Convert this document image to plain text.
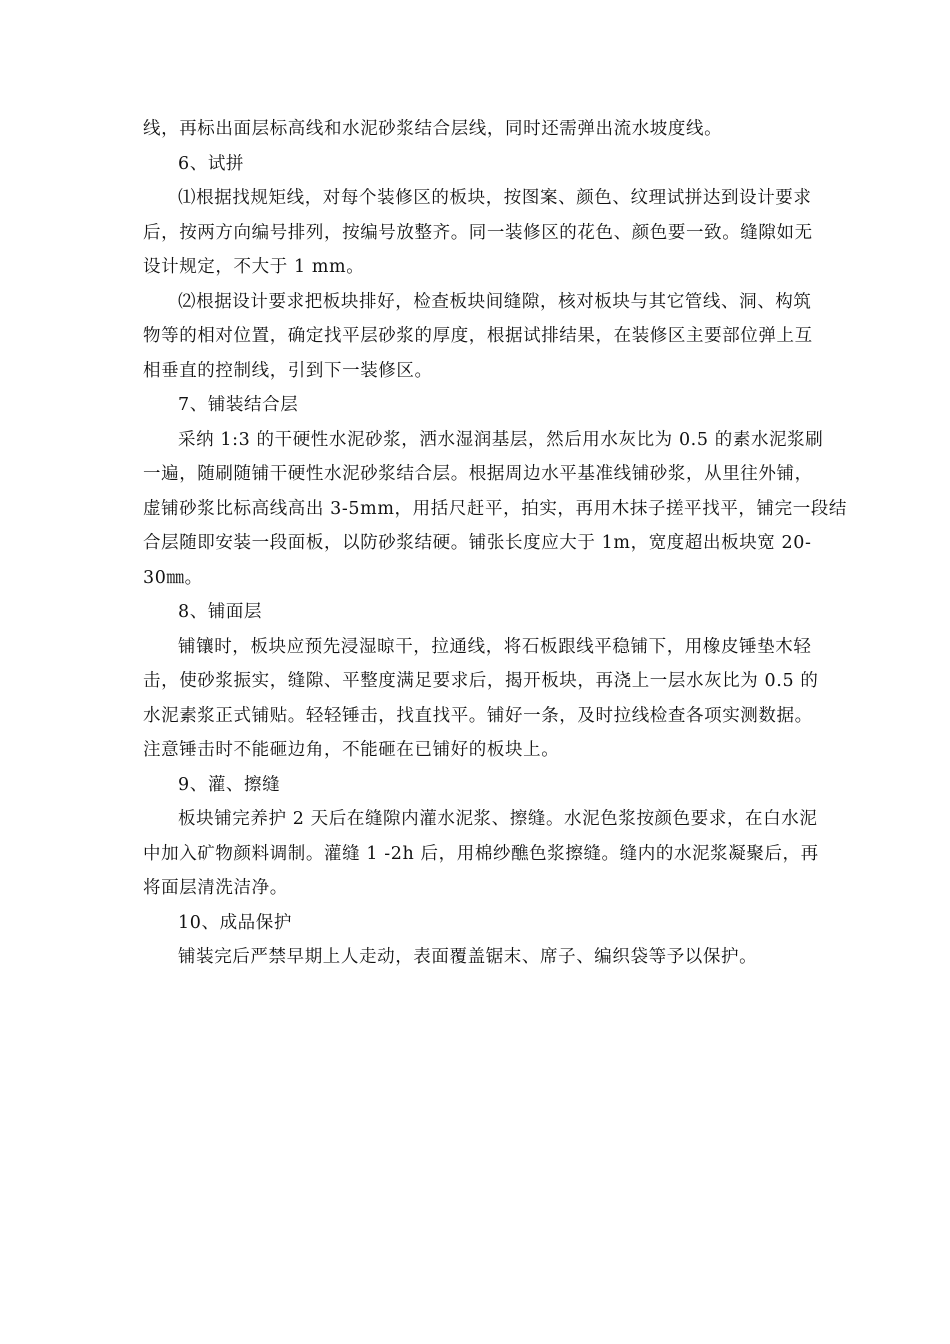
线，再标出面层标高线和水泥砂浆结合层线，同时还需弹出流水坡度线。
6、试拼
⑴根据找规矩线，对每个装修区的板块，按图案、颜色、纹理试拼达到设计要求
后，按两方向编号排列，按编号放整齐。同一装修区的花色、颜色要一致。缝隙如无
设计规定，不大于 1 mm。
⑵根据设计要求把板块排好，检查板块间缝隙，核对板块与其它管线、洞、构筑
物等的相对位置，确定找平层砂浆的厚度，根据试排结果，在装修区主要部位弹上互
相垂直的控制线，引到下一装修区。
7、铺装结合层
采纳 1:3 的干硬性水泥砂浆，洒水湿润基层，然后用水灰比为 0.5 的素水泥浆刷
一遍，随刷随铺干硬性水泥砂浆结合层。根据周边水平基准线铺砂浆，从里往外铺，
虚铺砂浆比标高线高出 3-5mm，用括尺赶平，拍实，再用木抹子搓平找平，铺完一段结
合层随即安装一段面板，以防砂浆结硬。铺张长度应大于 1m，宽度超出板块宽 20-
30㎜。
8、铺面层
铺镶时，板块应预先浸湿晾干，拉通线，将石板跟线平稳铺下，用橡皮锤垫木轻
击，使砂浆振实，缝隙、平整度满足要求后，揭开板块，再浇上一层水灰比为 0.5 的
水泥素浆正式铺贴。轻轻锤击，找直找平。铺好一条，及时拉线检查各项实测数据。
注意锤击时不能砸边角，不能砸在已铺好的板块上。
9、灌、擦缝
板块铺完养护 2 天后在缝隙内灌水泥浆、擦缝。水泥色浆按颜色要求，在白水泥
中加入矿物颜料调制。灌缝 1 -2h 后，用棉纱醮色浆擦缝。缝内的水泥浆凝聚后，再
将面层清洗洁净。
10、成品保护
铺装完后严禁早期上人走动，表面覆盖锯末、席子、编织袋等予以保护。
